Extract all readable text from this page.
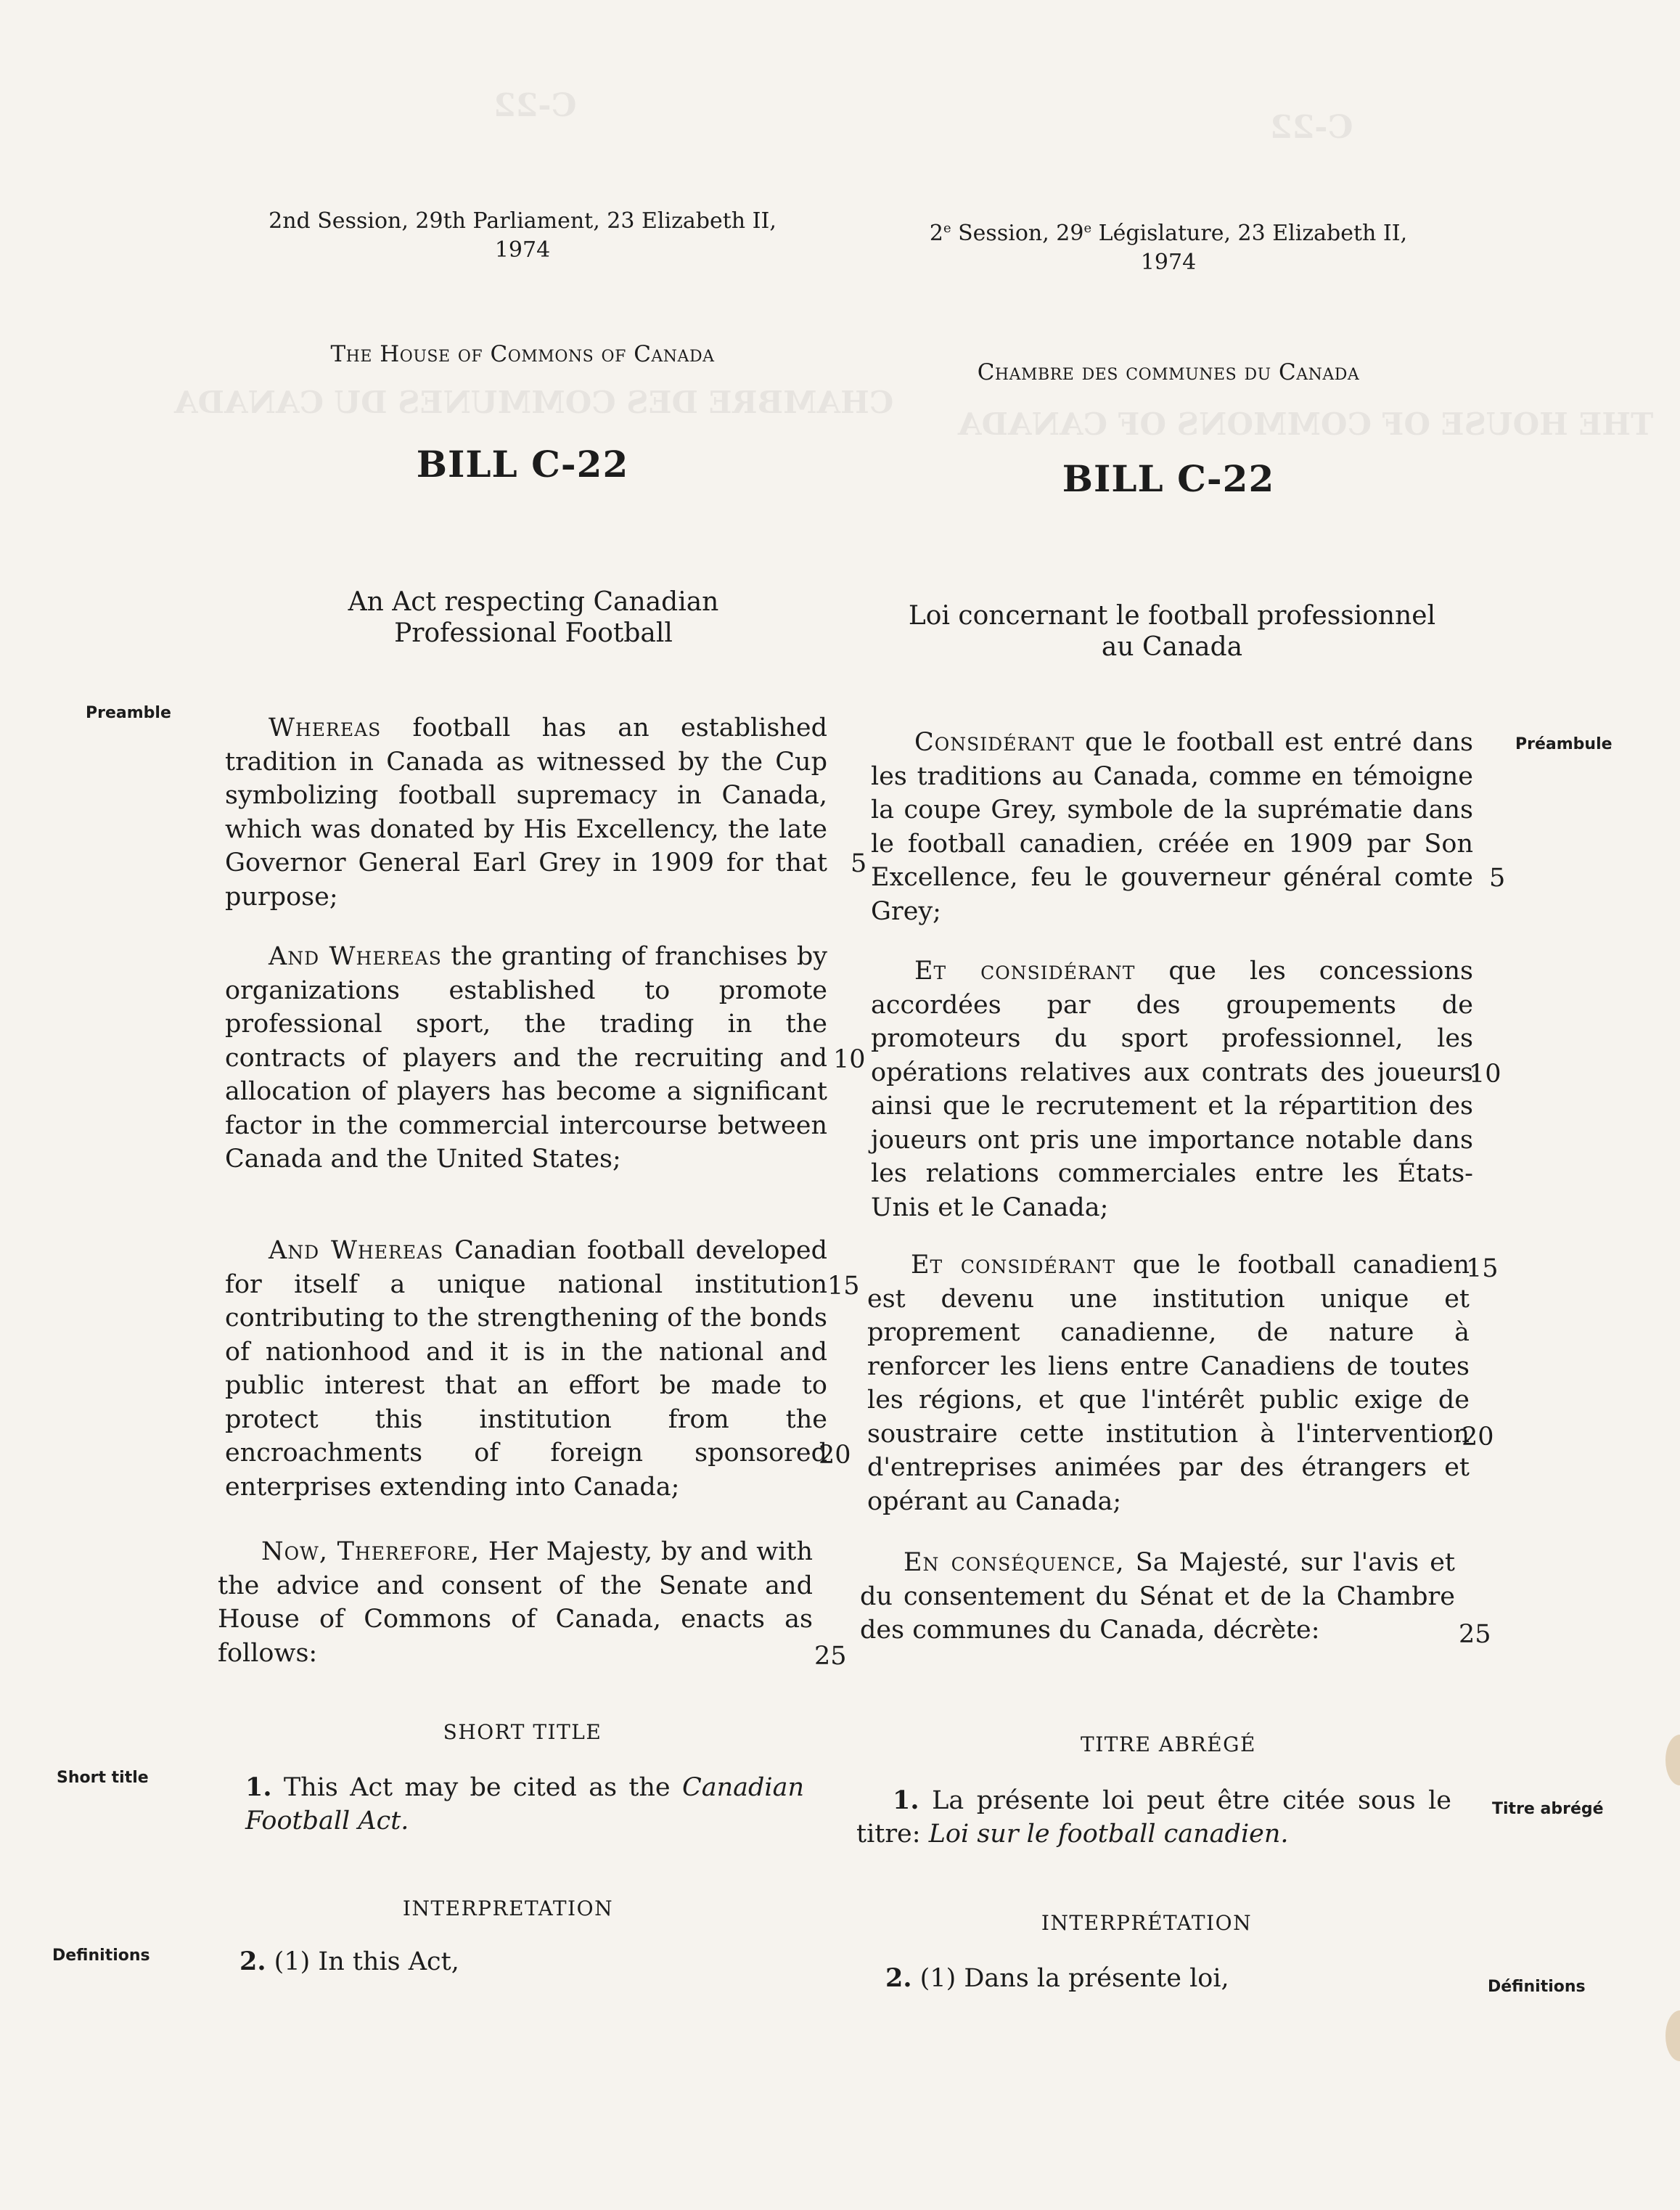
C-22
C-22
CHAMBRE DES COMMUNES DU CANADA
THE HOUSE OF COMMONS OF CANADA
2nd Session, 29th Parliament, 23 Elizabeth II,
1974
The House of Commons of Canada
BILL C-22
An Act respecting Canadian Professional Football
2e Session, 29e Législature, 23 Elizabeth II,
1974
Chambre des communes du Canada
BILL C-22
Loi concernant le football professionnel au Canada
Preamble
Short title
Definitions
Préambule
Titre abrégé
Définitions
Whereas football has an established tradition in Canada as witnessed by the Cup symbolizing football supremacy in Canada, which was donated by His Excellency, the late Governor General Earl Grey in 1909 for that purpose;
And Whereas the granting of franchises by organizations established to promote professional sport, the trading in the contracts of players and the recruiting and allocation of players has become a significant factor in the commercial intercourse between Canada and the United States;
And Whereas Canadian football developed for itself a unique national institution contributing to the strengthening of the bonds of nationhood and it is in the national and public interest that an effort be made to protect this institution from the encroachments of foreign sponsored enterprises extending into Canada;
Now, Therefore, Her Majesty, by and with the advice and consent of the Senate and House of Commons of Canada, enacts as follows:
Considérant que le football est entré dans les traditions au Canada, comme en témoigne la coupe Grey, symbole de la suprématie dans le football canadien, créée en 1909 par Son Excellence, feu le gouverneur général comte Grey;
Et considérant que les concessions accordées par des groupements de promoteurs du sport professionnel, les opérations relatives aux contrats des joueurs ainsi que le recrutement et la répartition des joueurs ont pris une importance notable dans les relations commerciales entre les États-Unis et le Canada;
Et considérant que le football canadien est devenu une institution unique et proprement canadienne, de nature à renforcer les liens entre Canadiens de toutes les régions, et que l'intérêt public exige de soustraire cette institution à l'intervention d'entreprises animées par des étrangers et opérant au Canada;
En conséquence, Sa Majesté, sur l'avis et du consentement du Sénat et de la Chambre des communes du Canada, décrète:
5
10
15
20
25
5
10
15
20
25
SHORT TITLE
1. This Act may be cited as the Canadian Football Act.
INTERPRETATION
2. (1) In this Act,
TITRE ABRÉGÉ
1. La présente loi peut être citée sous le titre: Loi sur le football canadien.
INTERPRÉTATION
2. (1) Dans la présente loi,
